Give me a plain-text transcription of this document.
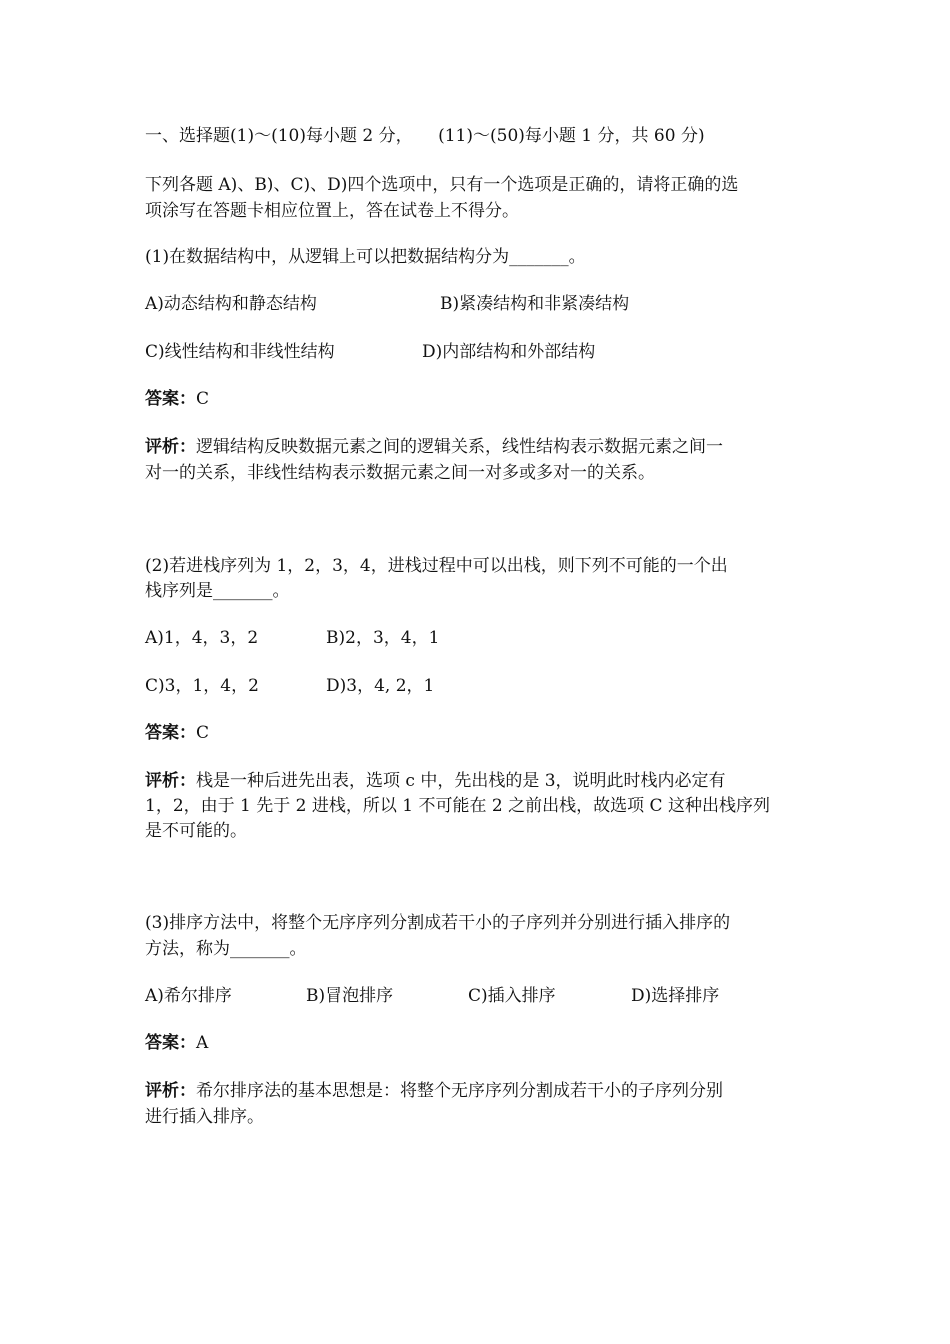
一、选择题(1)～(10)每小题 2 分，　　(11)～(50)每小题 1 分，共 60 分)
下列各题 A)、B)、C)、D)四个选项中，只有一个选项是正确的，请将正确的选
项涂写在答题卡相应位置上，答在试卷上不得分。
(1)在数据结构中，从逻辑上可以把数据结构分为_______。
A)动态结构和静态结构	B)紧凑结构和非紧凑结构
C)线性结构和非线性结构	D)内部结构和外部结构
答案：C
评析：逻辑结构反映数据元素之间的逻辑关系，线性结构表示数据元素之间一
对一的关系，非线性结构表示数据元素之间一对多或多对一的关系。
(2)若进栈序列为 1，2，3，4，进栈过程中可以出栈，则下列不可能的一个出
栈序列是_______。
A)1，4，3，2	B)2，3，4，1
C)3，1，4，2	D)3，4, 2，1
答案：C
评析：栈是一种后进先出表，选项 c 中，先出栈的是 3，说明此时栈内必定有
1，2，由于 1 先于 2 进栈，所以 1 不可能在 2 之前出栈，故选项 C 这种出栈序列
是不可能的。
(3)排序方法中，将整个无序序列分割成若干小的子序列并分别进行插入排序的
方法，称为_______。
A)希尔排序	B)冒泡排序	C)插入排序	D)选择排序
答案：A
评析：希尔排序法的基本思想是：将整个无序序列分割成若干小的子序列分别
进行插入排序。
